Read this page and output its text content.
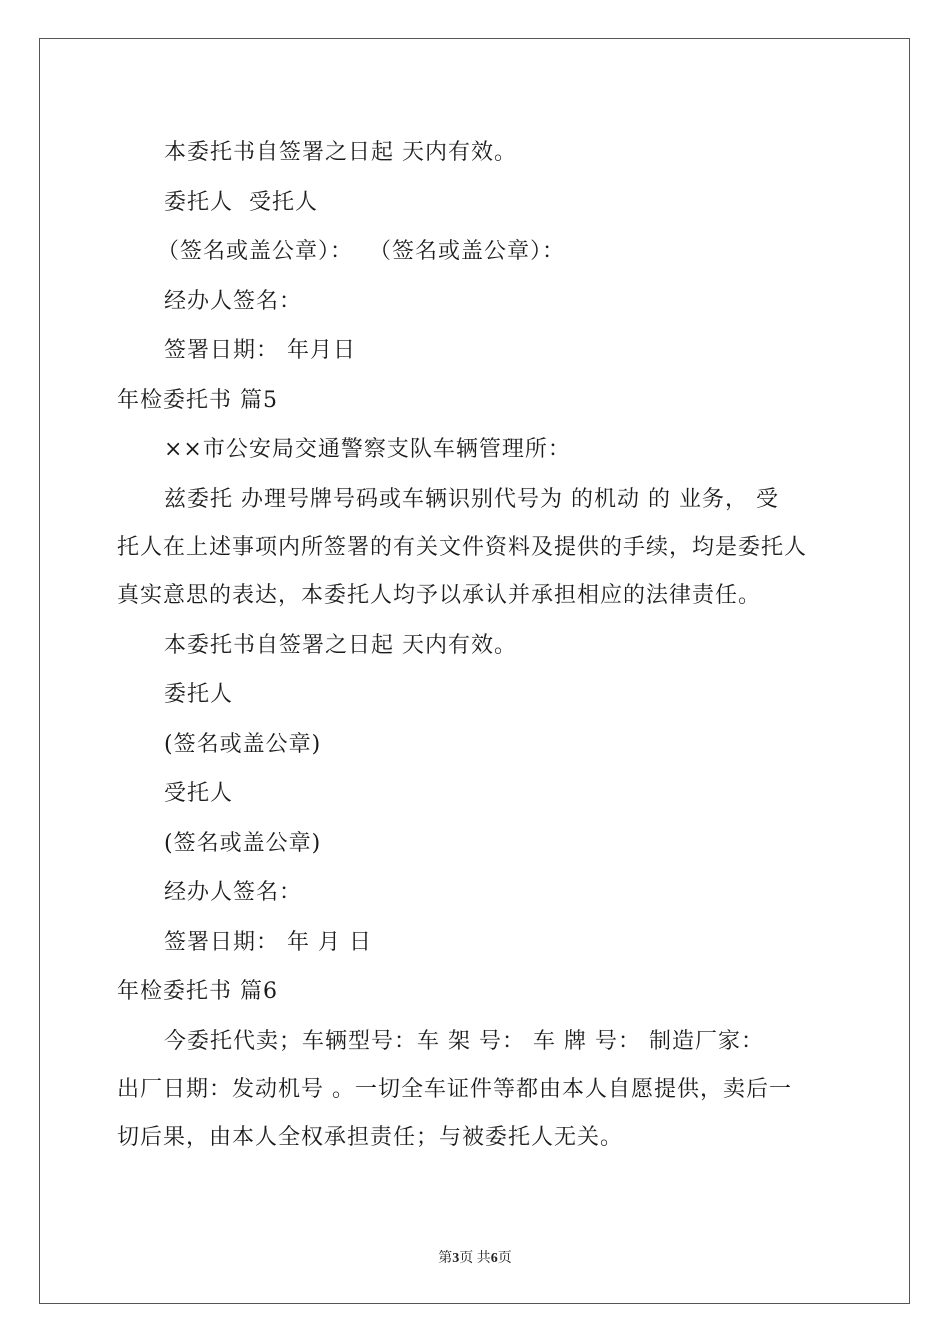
本委托书自签署之日起 天内有效。
委托人  受托人
（签名或盖公章）：  （签名或盖公章）：
经办人签名：
签署日期： 年月日
年检委托书 篇5
××市公安局交通警察支队车辆管理所：
兹委托 办理号牌号码或车辆识别代号为 的机动 的 业务， 受
托人在上述事项内所签署的有关文件资料及提供的手续，均是委托人
真实意思的表达，本委托人均予以承认并承担相应的法律责任。
本委托书自签署之日起 天内有效。
委托人
(签名或盖公章)
受托人
(签名或盖公章)
经办人签名：
签署日期： 年 月 日
年检委托书 篇6
今委托代卖；车辆型号：车 架 号： 车 牌 号： 制造厂家：
出厂日期：发动机号 。一切全车证件等都由本人自愿提供，卖后一
切后果，由本人全权承担责任；与被委托人无关。
第3页 共6页
